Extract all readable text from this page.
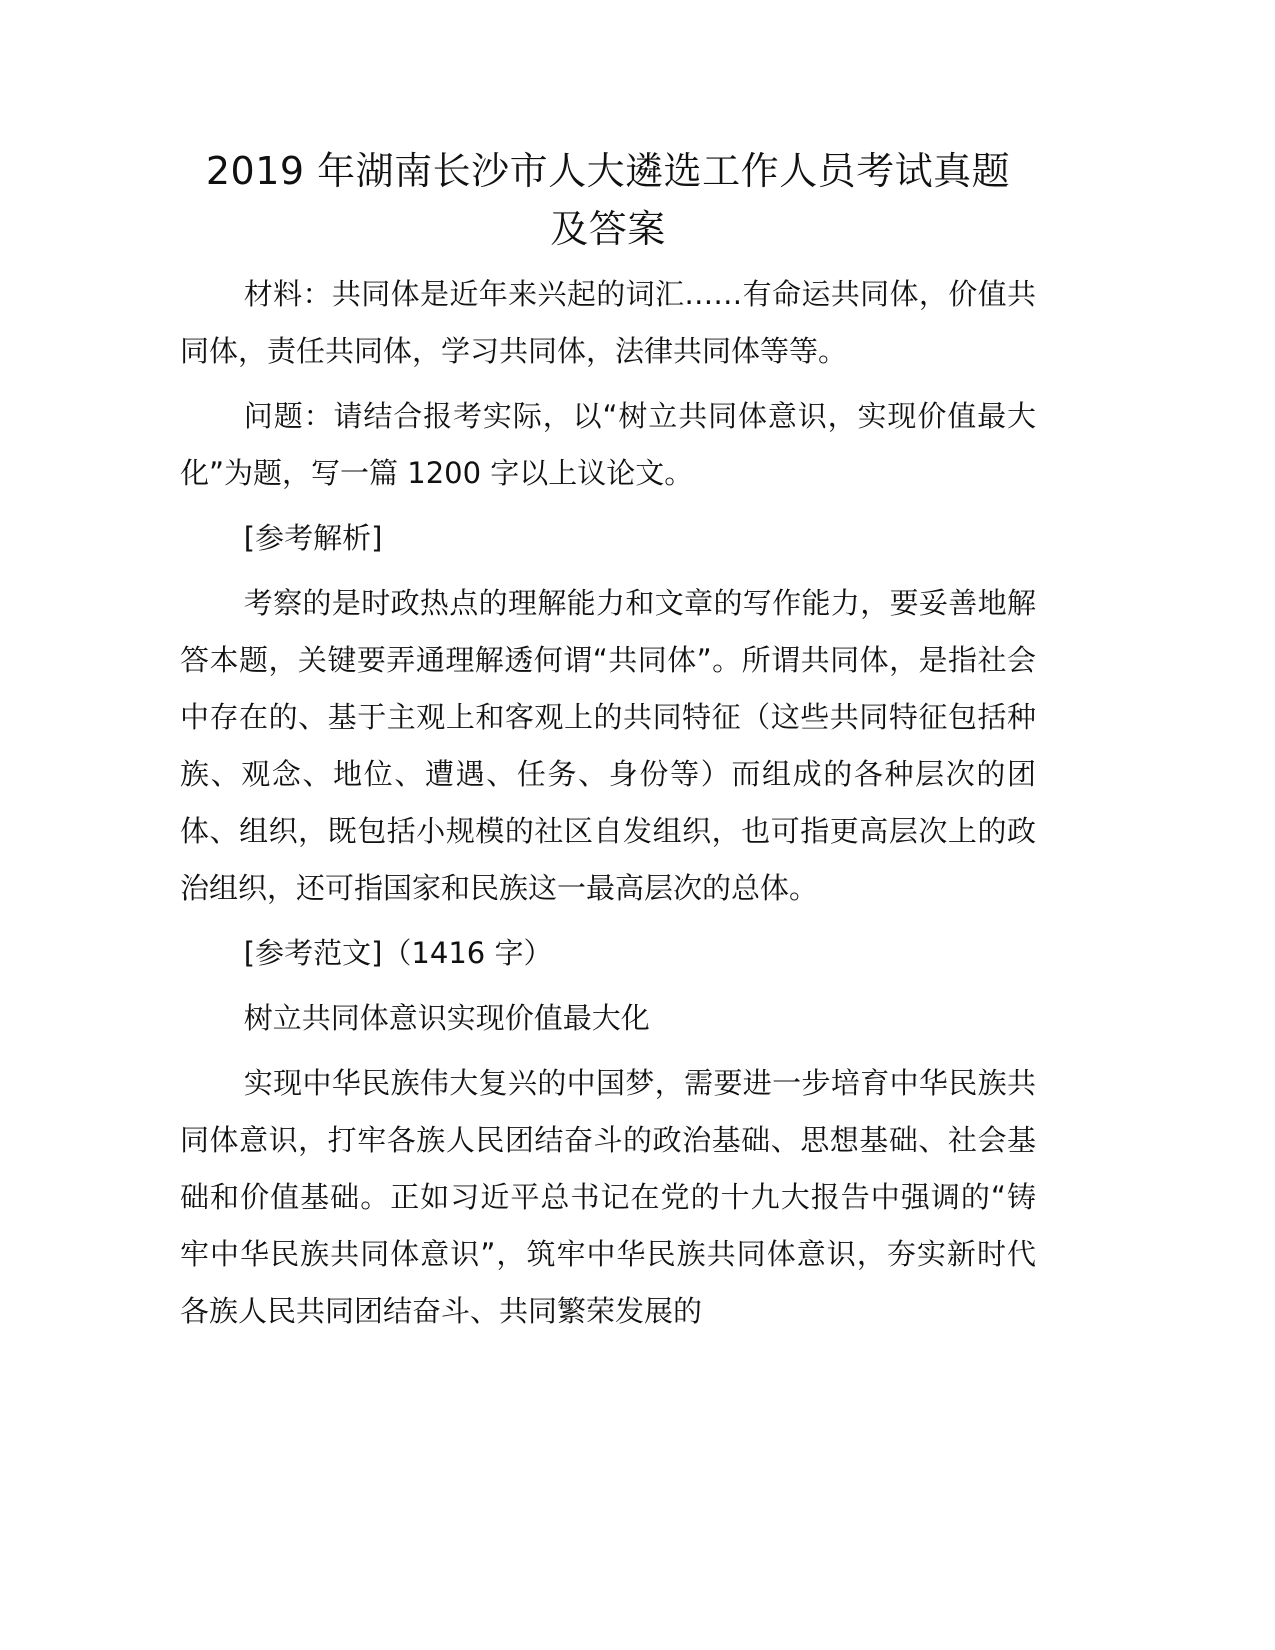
2019 年湖南长沙市人大遴选工作人员考试真题
及答案

材料：共同体是近年来兴起的词汇……有命运共同体，价值共同体，责任共同体，学习共同体，法律共同体等等。

问题：请结合报考实际，以“树立共同体意识，实现价值最大化”为题，写一篇 1200 字以上议论文。

[参考解析]

考察的是时政热点的理解能力和文章的写作能力，要妥善地解答本题，关键要弄通理解透何谓“共同体”。所谓共同体，是指社会中存在的、基于主观上和客观上的共同特征（这些共同特征包括种族、观念、地位、遭遇、任务、身份等）而组成的各种层次的团体、组织，既包括小规模的社区自发组织，也可指更高层次上的政治组织，还可指国家和民族这一最高层次的总体。

[参考范文]（1416 字）

树立共同体意识实现价值最大化

实现中华民族伟大复兴的中国梦，需要进一步培育中华民族共同体意识，打牢各族人民团结奋斗的政治基础、思想基础、社会基础和价值基础。正如习近平总书记在党的十九大报告中强调的“铸牢中华民族共同体意识”，筑牢中华民族共同体意识，夯实新时代各族人民共同团结奋斗、共同繁荣发展的
